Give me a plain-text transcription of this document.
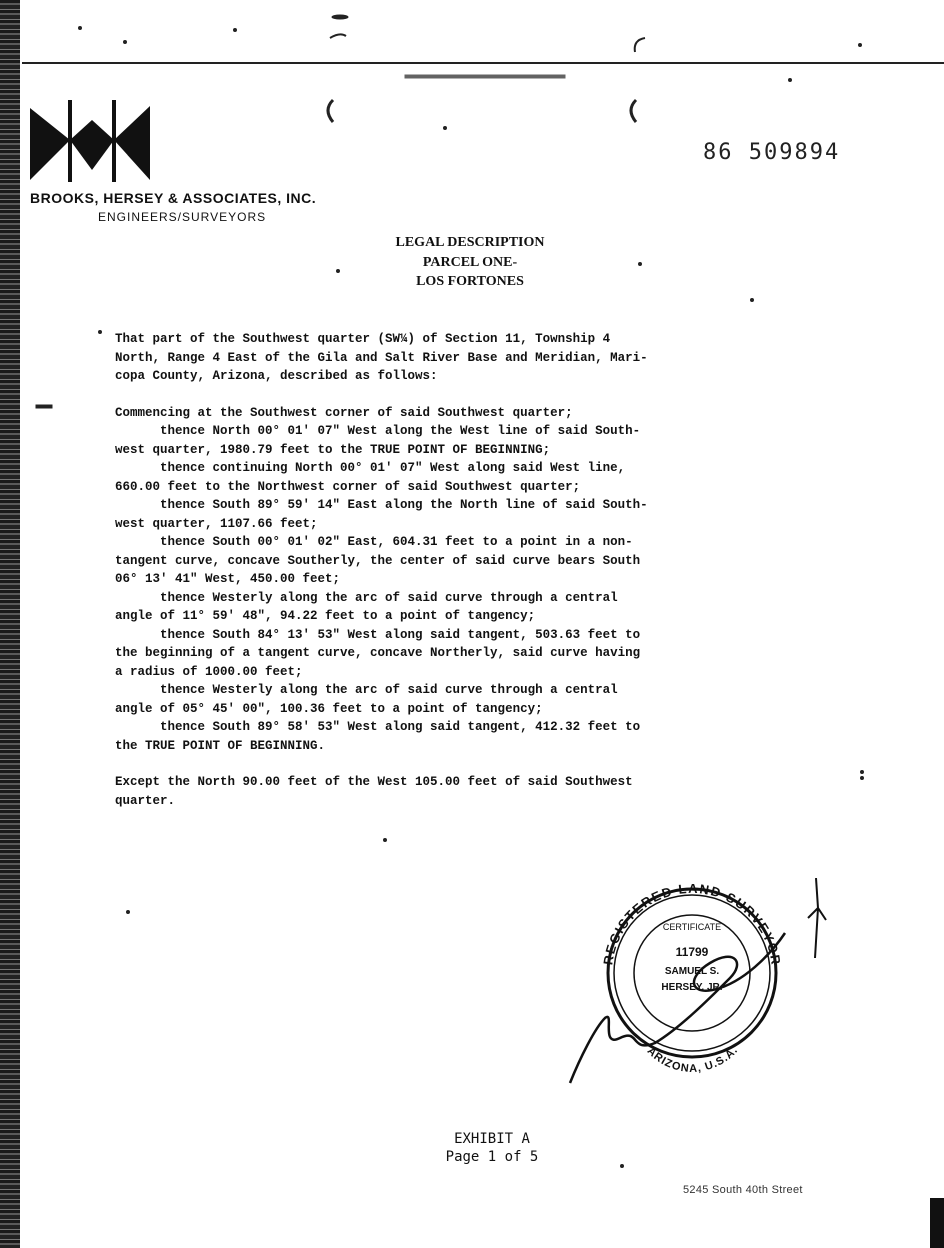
BROOKS, HERSEY & ASSOCIATES, INC.
ENGINEERS/SURVEYORS
86 509894
LEGAL DESCRIPTION
PARCEL ONE-
LOS FORTONES

That part of the Southwest quarter (SW¼) of Section 11, Township 4

North, Range 4 East of the Gila and Salt River Base and Meridian, Mari-

copa County, Arizona, described as follows:

Commencing at the Southwest corner of said Southwest quarter;

thence North 00° 01' 07" West along the West line of said South-

west quarter, 1980.79 feet to the TRUE POINT OF BEGINNING;

thence continuing North 00° 01' 07" West along said West line,

660.00 feet to the Northwest corner of said Southwest quarter;

thence South 89° 59' 14" East along the North line of said South-

west quarter, 1107.66 feet;

thence South 00° 01' 02" East, 604.31 feet to a point in a non-

tangent curve, concave Southerly, the center of said curve bears South

06° 13' 41" West, 450.00 feet;

thence Westerly along the arc of said curve through a central

angle of 11° 59' 48", 94.22 feet to a point of tangency;

thence South 84° 13' 53" West along said tangent, 503.63 feet to

the beginning of a tangent curve, concave Northerly, said curve having

a radius of 1000.00 feet;

thence Westerly along the arc of said curve through a central

angle of 05° 45' 00", 100.36 feet to a point of tangency;

thence South 89° 58' 53" West along said tangent, 412.32 feet to

the TRUE POINT OF BEGINNING.

Except the North 90.00 feet of the West 105.00 feet of said Southwest

quarter.

REGISTERED LAND SURVEYOR
ARIZONA, U.S.A.
CERTIFICATE
11799
SAMUEL S.
HERSEY, JR.
EXHIBIT A
Page 1 of 5
5245 South 40th Street
